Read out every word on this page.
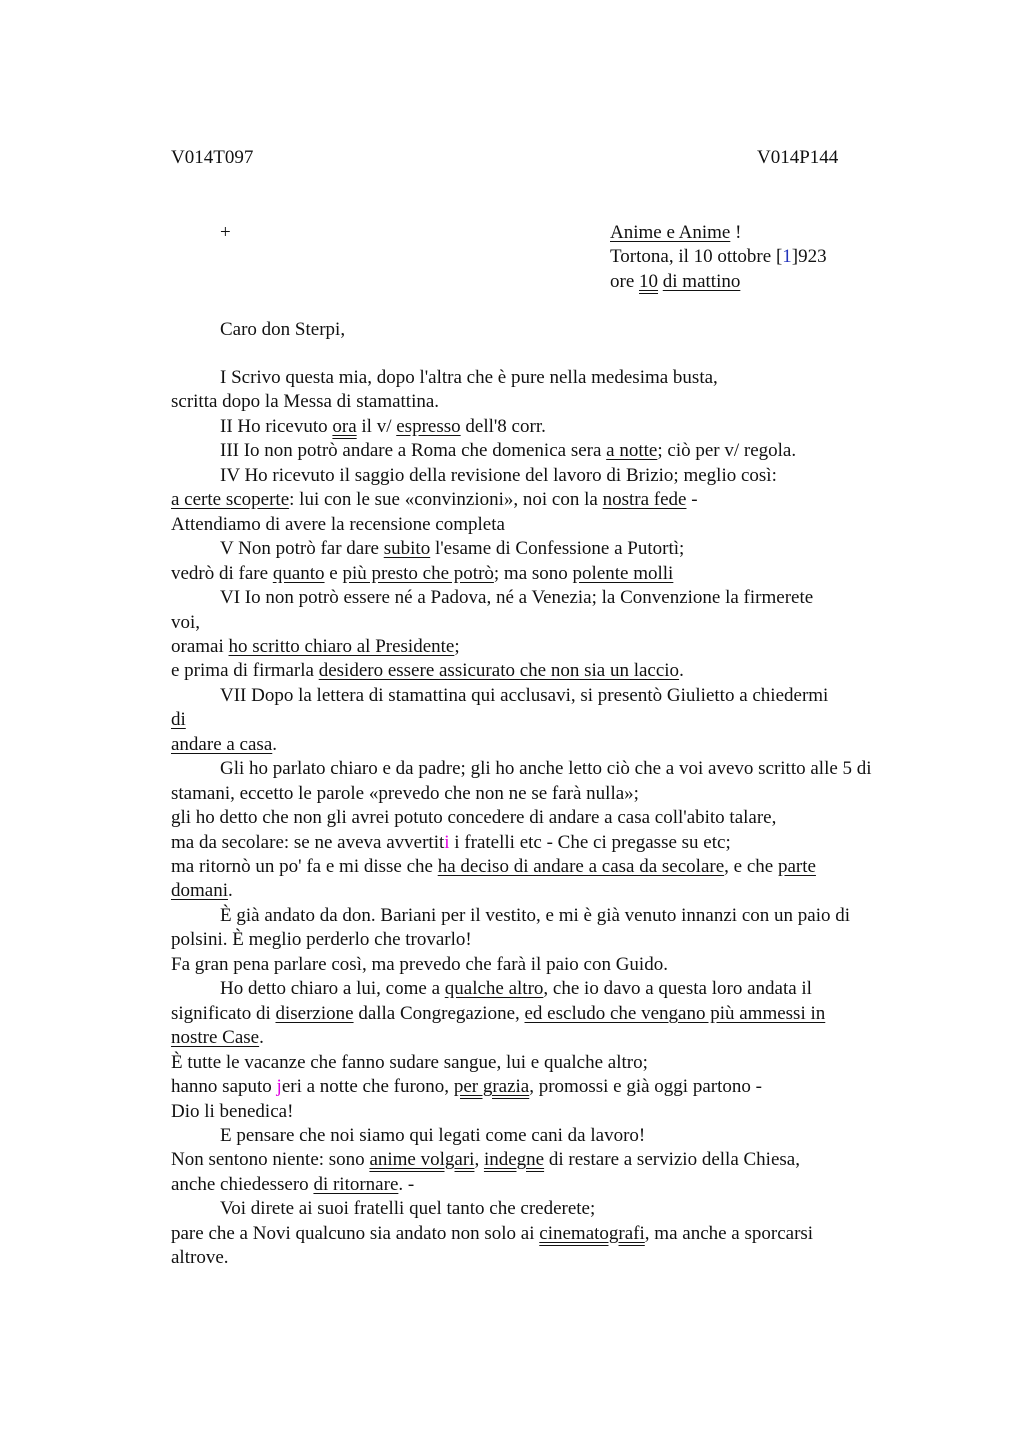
V014T097	V014P144
+	Anime e Anime !
Tortona, il 10 ottobre [1]923
ore 10 di mattino
Caro don Sterpi,
I Scrivo questa mia, dopo l'altra che è pure nella medesima busta,
scritta dopo la Messa di stamattina.
II Ho ricevuto ora il v/ espresso dell'8 corr.
III Io non potrò andare a Roma che domenica sera a notte; ciò per v/ regola.
IV Ho ricevuto il saggio della revisione del lavoro di Brizio; meglio così:
a certe scoperte: lui con le sue «convinzioni», noi con la nostra fede -
Attendiamo di avere la recensione completa
V Non potrò far dare subito l'esame di Confessione a Putortì;
vedrò di fare quanto e più presto che potrò; ma sono polente molli
VI Io non potrò essere né a Padova, né a Venezia; la Convenzione la firmerete
voi,
oramai ho scritto chiaro al Presidente;
e prima di firmarla desidero essere assicurato che non sia un laccio.
VII Dopo la lettera di stamattina qui acclusavi, si presentò Giulietto a chiedermi
di
andare a casa.
Gli ho parlato chiaro e da padre; gli ho anche letto ciò che a voi avevo scritto alle 5 di
stamani, eccetto le parole «prevedo che non ne se farà nulla»;
gli ho detto che non gli avrei potuto concedere di andare a casa coll'abito talare,
ma da secolare: se ne aveva avvertiti i fratelli etc - Che ci pregasse su etc;
ma ritornò un po' fa e mi disse che ha deciso di andare a casa da secolare, e che parte
domani.
È già andato da don. Bariani per il vestito, e mi è già venuto innanzi con un paio di
polsini. È meglio perderlo che trovarlo!
Fa gran pena parlare così, ma prevedo che farà il paio con Guido.
Ho detto chiaro a lui, come a qualche altro, che io davo a questa loro andata il
significato di diserzione dalla Congregazione, ed escludo che vengano più ammessi in
nostre Case.
È tutte le vacanze che fanno sudare sangue, lui e qualche altro;
hanno saputo jeri a notte che furono, per grazia, promossi e già oggi partono -
Dio li benedica!
E pensare che noi siamo qui legati come cani da lavoro!
Non sentono niente: sono anime volgari, indegne di restare a servizio della Chiesa,
anche chiedessero di ritornare. -
Voi direte ai suoi fratelli quel tanto che crederete;
pare che a Novi qualcuno sia andato non solo ai cinematografi, ma anche a sporcarsi
altrove.
